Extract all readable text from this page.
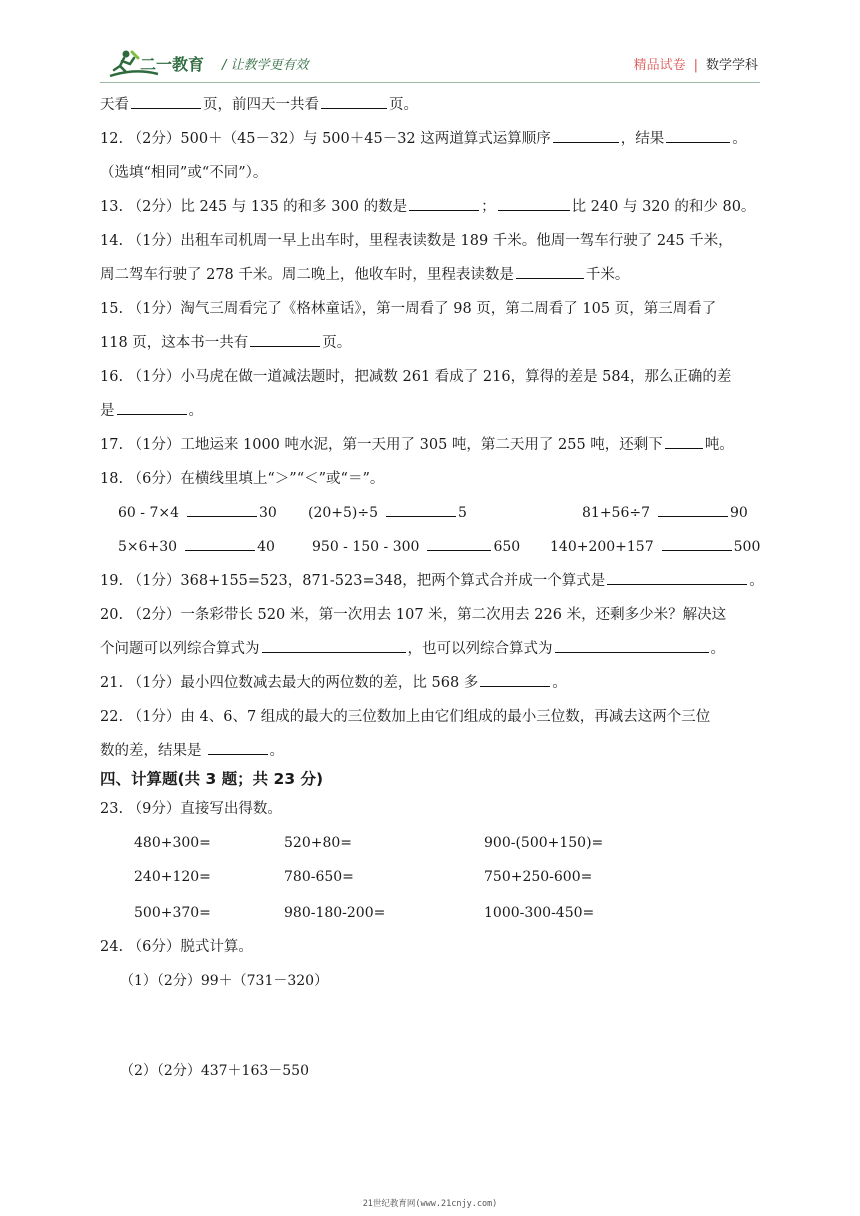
二一教育 / 让教学更有效	精品试卷 | 数学学科
天看	页，前四天一共看	页。
12. （2分）500＋（45－32）与 500＋45－32 这两道算式运算顺序	，结果	。
（选填“相同”或“不同”）。
13. （2分）比 245 与 135 的和多 300 的数是	；	比 240 与 320 的和少 80。
14. （1分）出租车司机周一早上出车时，里程表读数是 189 千米。他周一驾车行驶了 245 千米，
周二驾车行驶了 278 千米。周二晚上，他收车时，里程表读数是	千米。
15. （1分）淘气三周看完了《格林童话》，第一周看了 98 页，第二周看了 105 页，第三周看了
118 页，这本书一共有	页。
16. （1分）小马虎在做一道减法题时，把减数 261 看成了 216，算得的差是 584，那么正确的差
是	。
17. （1分）工地运来 1000 吨水泥，第一天用了 305 吨，第二天用了 255 吨，还剩下	吨。
18. （6分）在横线里填上“＞”“＜”或“＝”。
60 - 7×4	30 (20+5)÷5	5	81+56÷7	90
5×6+30	40	950 - 150 - 300	650 140+200+157	500
19. （1分）368+155=523，871-523=348，把两个算式合并成一个算式是	。
20. （2分）一条彩带长 520 米，第一次用去 107 米，第二次用去 226 米，还剩多少米？解决这
个问题可以列综合算式为	，也可以列综合算式为	。
21. （1分）最小四位数减去最大的两位数的差，比 568 多	。
22. （1分）由 4、6、7 组成的最大的三位数加上由它们组成的最小三位数，再减去这两个三位
数的差，结果是	。
四、计算题(共 3 题；共 23 分)
23. （9分）直接写出得数。
480+300=	520+80=	900-(500+150)=
240+120=	780-650=	750+250-600=
500+370=	980-180-200=	1000-300-450=
24. （6分）脱式计算。
（1）（2分）99＋（731－320）
（2）（2分）437＋163－550
21世纪教育网(www.21cnjy.com)
